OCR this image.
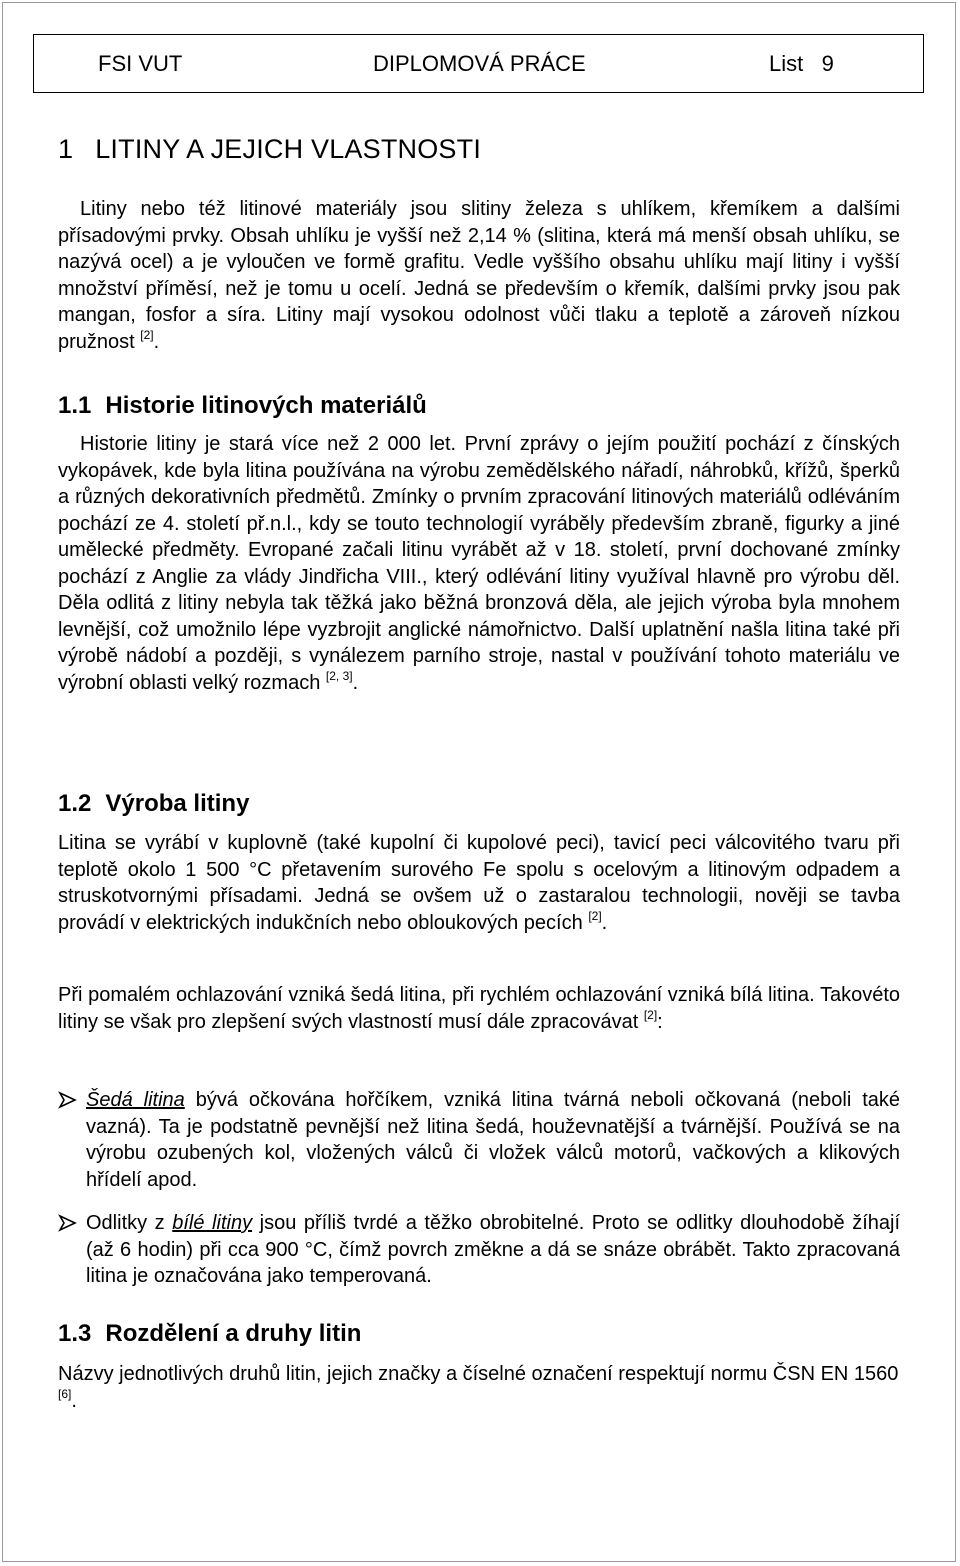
FSI VUT	DIPLOMOVÁ PRÁCE	List   9
1 LITINY A JEJICH VLASTNOSTI

Litiny nebo též litinové materiály jsou slitiny železa s uhlíkem, křemíkem a dalšími přísadovými prvky. Obsah uhlíku je vyšší než 2,14 % (slitina, která má menší obsah uhlíku, se nazývá ocel) a je vyloučen ve formě grafitu. Vedle vyššího obsahu uhlíku mají litiny i vyšší množství příměsí, než je tomu u ocelí. Jedná se především o křemík, dalšími prvky jsou pak mangan, fosfor a síra. Litiny mají vysokou odolnost vůči tlaku a teplotě a zároveň nízkou pružnost [2].

1.1 Historie litinových materiálů

Historie litiny je stará více než 2 000 let. První zprávy o jejím použití pochází z čínských vykopávek, kde byla litina používána na výrobu zemědělského nářadí, náhrobků, křížů, šperků a různých dekorativních předmětů. Zmínky o prvním zpracování litinových materiálů odléváním pochází ze 4. století př.n.l., kdy se touto technologií vyráběly především zbraně, figurky a jiné umělecké předměty. Evropané začali litinu vyrábět až v 18. století, první dochované zmínky pochází z Anglie za vlády Jindřicha VIII., který odlévání litiny využíval hlavně pro výrobu děl. Děla odlitá z litiny nebyla tak těžká jako běžná bronzová děla, ale jejich výroba byla mnohem levnější, což umožnilo lépe vyzbrojit anglické námořnictvo. Další uplatnění našla litina také při výrobě nádobí a později, s vynálezem parního stroje, nastal v používání tohoto materiálu ve výrobní oblasti velký rozmach [2, 3].

1.2 Výroba litiny

Litina se vyrábí v kuplovně (také kupolní či kupolové peci), tavicí peci válcovitého tvaru při teplotě okolo 1 500 °C přetavením surového Fe spolu s ocelovým a litinovým odpadem a struskotvornými přísadami. Jedná se ovšem už o zastaralou technologii, nověji se tavba provádí v elektrických indukčních nebo obloukových pecích [2].

Při pomalém ochlazování vzniká šedá litina, při rychlém ochlazování vzniká bílá litina. Takovéto litiny se však pro zlepšení svých vlastností musí dále zpracovávat [2]:

Šedá litina bývá očkována hořčíkem, vzniká litina tvárná neboli očkovaná (neboli také vazná). Ta je podstatně pevnější než litina šedá, houževnatější a tvárnější. Používá se na výrobu ozubených kol, vložených válců či vložek válců motorů, vačkových a klikových hřídelí apod.
Odlitky z bílé litiny jsou příliš tvrdé a těžko obrobitelné. Proto se odlitky dlouhodobě žíhají (až 6 hodin) při cca 900 °C, čímž povrch změkne a dá se snáze obrábět. Takto zpracovaná litina je označována jako temperovaná.
1.3 Rozdělení a druhy litin

Názvy jednotlivých druhů litin, jejich značky a číselné označení respektují normu ČSN EN 1560 [6].
